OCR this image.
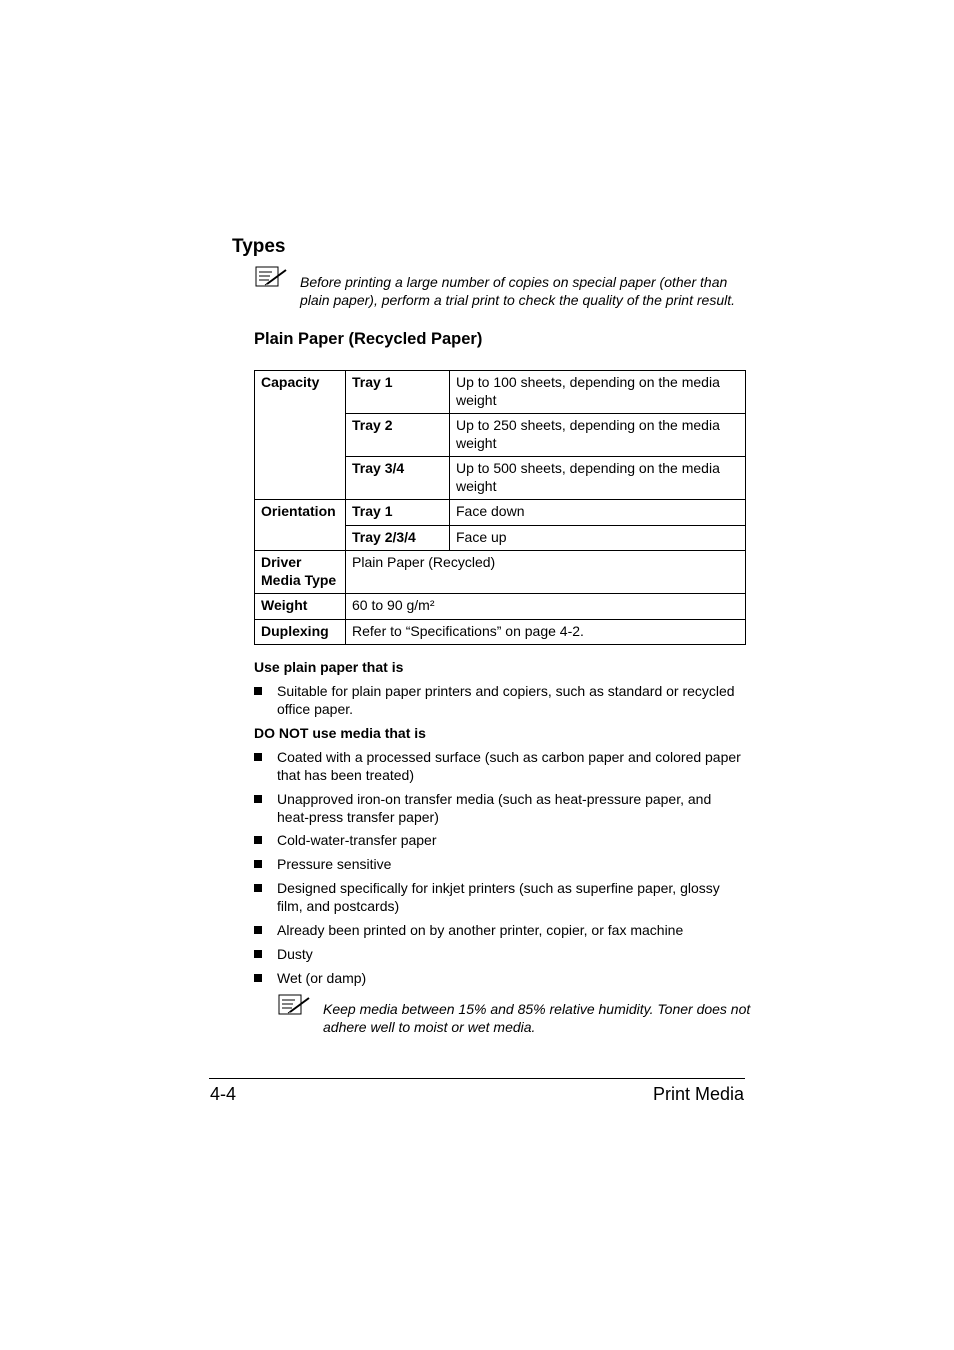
Types
Before printing a large number of copies on special paper (other than plain paper), perform a trial print to check the quality of the print result.
Plain Paper (Recycled Paper)
Capacity	Tray 1	Up to 100 sheets, depending on the media weight
	Tray 2	Up to 250 sheets, depending on the media weight
	Tray 3/4	Up to 500 sheets, depending on the media weight
Orientation	Tray 1	Face down
	Tray 2/3/4	Face up
Driver Media Type	Plain Paper (Recycled)	
Weight	60 to 90 g/m²	
Duplexing	Refer to “Specifications” on page 4-2.	
Use plain paper that is
Suitable for plain paper printers and copiers, such as standard or recycled office paper.
DO NOT use media that is
Coated with a processed surface (such as carbon paper and colored paper that has been treated)
Unapproved iron-on transfer media (such as heat-pressure paper, and heat-press transfer paper)
Cold-water-transfer paper
Pressure sensitive
Designed specifically for inkjet printers (such as superfine paper, glossy film, and postcards)
Already been printed on by another printer, copier, or fax machine
Dusty
Wet (or damp)
Keep media between 15% and 85% relative humidity. Toner does not adhere well to moist or wet media.
4-4	Print Media
